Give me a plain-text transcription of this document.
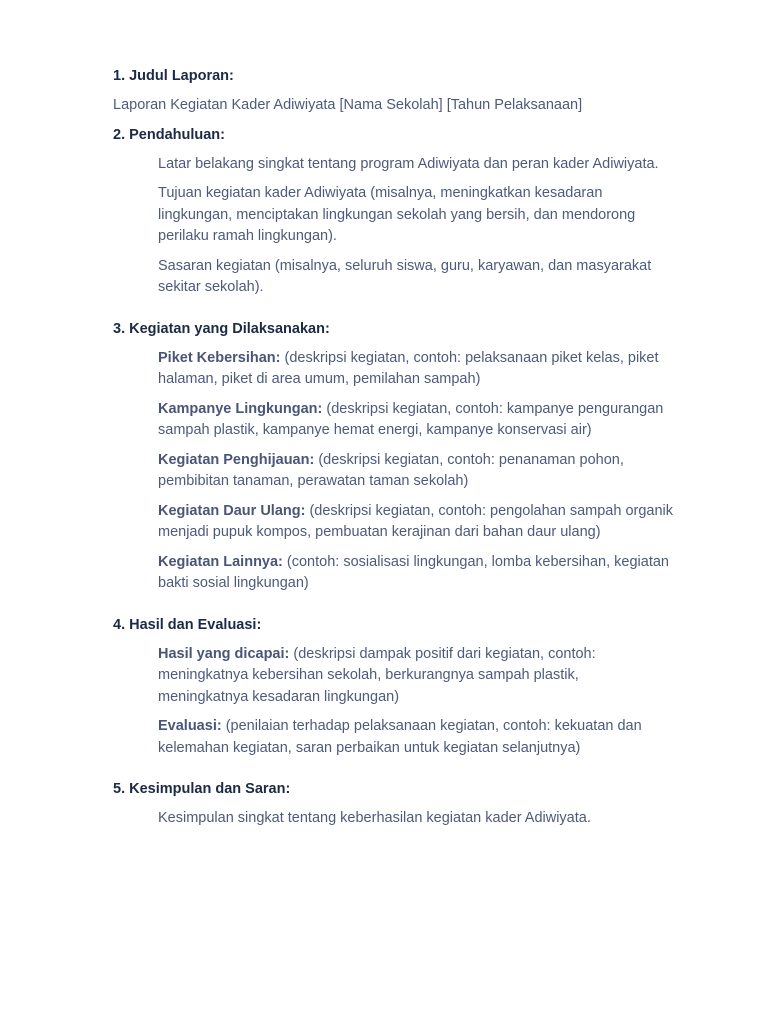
1. Judul Laporan:
Laporan Kegiatan Kader Adiwiyata [Nama Sekolah] [Tahun Pelaksanaan]
2. Pendahuluan:
Latar belakang singkat tentang program Adiwiyata dan peran kader Adiwiyata.
Tujuan kegiatan kader Adiwiyata (misalnya, meningkatkan kesadaran lingkungan, menciptakan lingkungan sekolah yang bersih, dan mendorong perilaku ramah lingkungan).
Sasaran kegiatan (misalnya, seluruh siswa, guru, karyawan, dan masyarakat sekitar sekolah).
3. Kegiatan yang Dilaksanakan:
Piket Kebersihan: (deskripsi kegiatan, contoh: pelaksanaan piket kelas, piket halaman, piket di area umum, pemilahan sampah)
Kampanye Lingkungan: (deskripsi kegiatan, contoh: kampanye pengurangan sampah plastik, kampanye hemat energi, kampanye konservasi air)
Kegiatan Penghijauan: (deskripsi kegiatan, contoh: penanaman pohon, pembibitan tanaman, perawatan taman sekolah)
Kegiatan Daur Ulang: (deskripsi kegiatan, contoh: pengolahan sampah organik menjadi pupuk kompos, pembuatan kerajinan dari bahan daur ulang)
Kegiatan Lainnya: (contoh: sosialisasi lingkungan, lomba kebersihan, kegiatan bakti sosial lingkungan)
4. Hasil dan Evaluasi:
Hasil yang dicapai: (deskripsi dampak positif dari kegiatan, contoh: meningkatnya kebersihan sekolah, berkurangnya sampah plastik, meningkatnya kesadaran lingkungan)
Evaluasi: (penilaian terhadap pelaksanaan kegiatan, contoh: kekuatan dan kelemahan kegiatan, saran perbaikan untuk kegiatan selanjutnya)
5. Kesimpulan dan Saran:
Kesimpulan singkat tentang keberhasilan kegiatan kader Adiwiyata.
